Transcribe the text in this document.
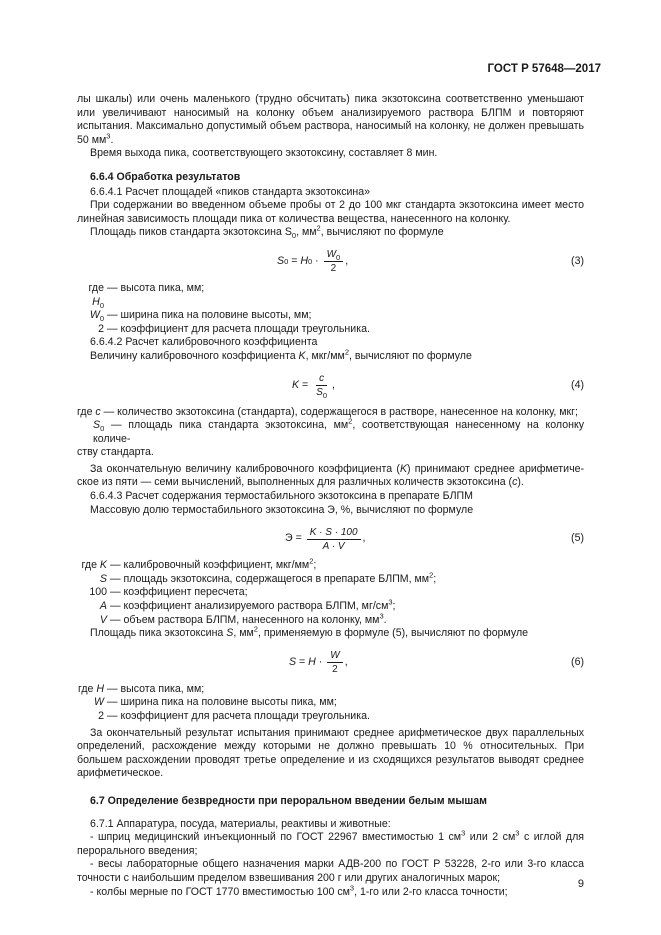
ГОСТ Р 57648—2017

лы шкалы) или очень маленького (трудно обсчитать) пика экзотоксина соответственно уменьшают или увеличивают наносимый на колонку объем анализируемого раствора БЛПМ и повторяют испытания. Максимально допустимый объем раствора, наносимый на колонку, не должен превышать 50 $мм^3$.

Время выхода пика, соответствующего экзотоксину, составляет 8 мин.

6.6.4 Обработка результатов

6.6.4.1 Расчет площадей «пиков стандарта экзотоксина»

При содержании во введенном объеме пробы от 2 до 100 мкг стандарта экзотоксина имеет место линейная зависимость площади пика от количества вещества, нанесенного на колонку.

Площадь пиков стандарта экзотоксина $S_0$, $мм^2$, вычисляют по формуле

S 0 = H $0 \cdot \frac{W_0}{2}$ ,	(3)
где $H_0$
— высота пика, мм;
$W_0$ — ширина пика на половине высоты, мм;
2 — коэффициент для расчета площади треугольника.

6.6.4.2 Расчет калибровочного коэффициента

Величину калибровочного коэффициента K, мкг/$мм^2$, вычисляют по формуле

$K = \frac{c}{S_0}$ ,	(4)

где c — количество экзотоксина (стандарта), содержащегося в растворе, нанесенное на колонку, мкг;

$S_0$ — площадь пика стандарта экзотоксина, $мм^2$, соответствующая нанесенному на колонку количе-

ству стандарта.

За окончательную величину калибровочного коэффициента (K) принимают среднее арифметическое из пяти — семи вычислений, выполненных для различных количеств экзотоксина (c).

6.6.4.3 Расчет содержания термостабильного экзотоксина в препарате БЛПМ

Массовую долю термостабильного экзотоксина Э, %, вычисляют по формуле

$Э = \frac{K \cdot S \cdot 100}{A \cdot V}$ ,	(5)
где K — калибровочный коэффициент, мкг/$мм^2$;
S — площадь экзотоксина, содержащегося в препарате БЛПМ, $мм^2$;
100 — коэффициент пересчета;
A — коэффициент анализируемого раствора БЛПМ, $мг/см^3$;
V — объем раствора БЛПМ, нанесенного на колонку, $мм^3$.

Площадь пика экзотоксина S, $мм^2$, применяемую в формуле (5), вычисляют по формуле

$S = H \cdot \frac{W}{2}$ ,	(6)
где H — высота пика, мм;
W — ширина пика на половине высоты пика, мм;
2 — коэффициент для расчета площади треугольника.

За окончательный результат испытания принимают среднее арифметическое двух параллельных определений, расхождение между которыми не должно превышать 10 % относительных. При большем расхождении проводят третье определение и из сходящихся результатов выводят среднее арифметическое.

6.7 Определение безвредности при пероральном введении белым мышам

6.7.1 Аппаратура, посуда, материалы, реактивы и животные:

- шприц медицинский инъекционный по ГОСТ 22967 вместимостью 1 $см^3$ или 2 $см^3$ с иглой для перорального введения;

- весы лабораторные общего назначения марки АДВ-200 по ГОСТ Р 53228, 2-го или 3-го класса точности с наибольшим пределом взвешивания 200 г или других аналогичных марок;

- колбы мерные по ГОСТ 1770 вместимостью 100 $см^3$, 1-го или 2-го класса точности;

9
